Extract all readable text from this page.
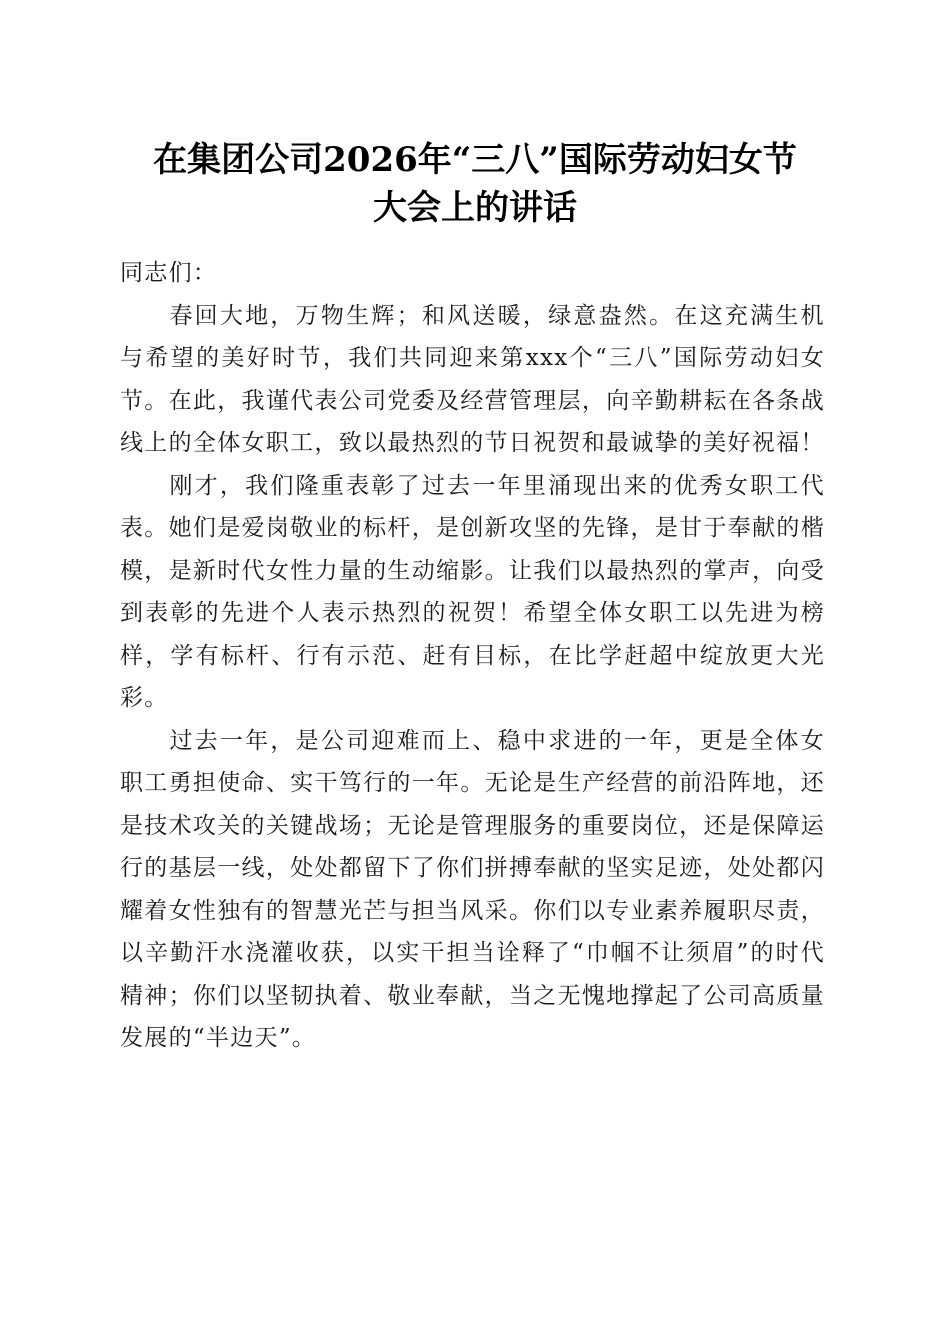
在集团公司2026年“三八”国际劳动妇女节
大会上的讲话

同志们：

春回大地，万物生辉；和风送暖，绿意盎然。在这充满生机与希望的美好时节，我们共同迎来第xxx个“三八”国际劳动妇女节。在此，我谨代表公司党委及经营管理层，向辛勤耕耘在各条战线上的全体女职工，致以最热烈的节日祝贺和最诚挚的美好祝福！

刚才，我们隆重表彰了过去一年里涌现出来的优秀女职工代表。她们是爱岗敬业的标杆，是创新攻坚的先锋，是甘于奉献的楷模，是新时代女性力量的生动缩影。让我们以最热烈的掌声，向受到表彰的先进个人表示热烈的祝贺！希望全体女职工以先进为榜样，学有标杆、行有示范、赶有目标，在比学赶超中绽放更大光彩。

过去一年，是公司迎难而上、稳中求进的一年，更是全体女职工勇担使命、实干笃行的一年。无论是生产经营的前沿阵地，还是技术攻关的关键战场；无论是管理服务的重要岗位，还是保障运行的基层一线，处处都留下了你们拼搏奉献的坚实足迹，处处都闪耀着女性独有的智慧光芒与担当风采。你们以专业素养履职尽责，以辛勤汗水浇灌收获，以实干担当诠释了“巾帼不让须眉”的时代精神；你们以坚韧执着、敬业奉献，当之无愧地撑起了公司高质量发展的“半边天”。
